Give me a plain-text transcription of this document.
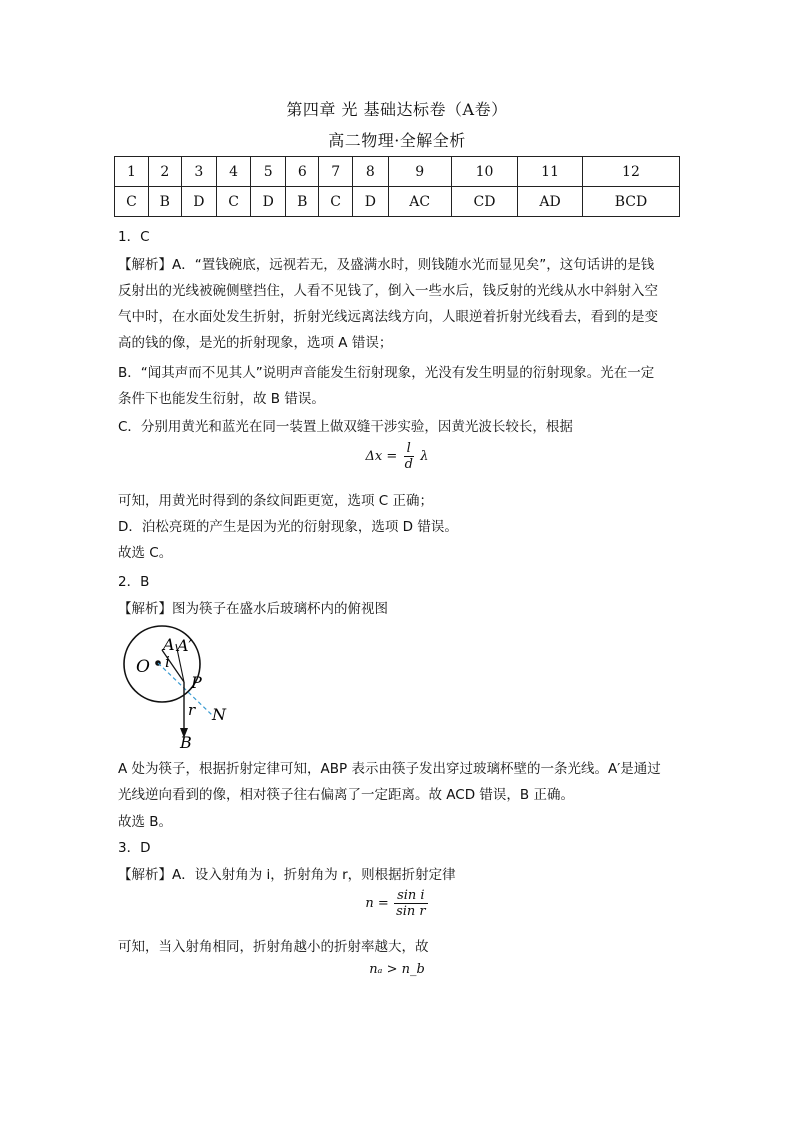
第四章 光 基础达标卷（A卷）
高二物理·全解全析
1	2	3	4	5	6	7	8	9	10	11	12
C	B	D	C	D	B	C	D	AC	CD	AD	BCD
1．C
【解析】A．“置钱碗底，远视若无，及盛满水时，则钱随水光而显见矣”，这句话讲的是钱
反射出的光线被碗侧壁挡住，人看不见钱了，倒入一些水后，钱反射的光线从水中斜射入空
气中时，在水面处发生折射，折射光线远离法线方向，人眼逆着折射光线看去，看到的是变
高的钱的像，是光的折射现象，选项 A 错误；
B．“闻其声而不见其人”说明声音能发生衍射现象，光没有发生明显的衍射现象。光在一定
条件下也能发生衍射，故 B 错误。
C．分别用黄光和蓝光在同一装置上做双缝干涉实验，因黄光波长较长，根据
$\Delta x = \frac{l}{d}$ λ
可知，用黄光时得到的条纹间距更宽，选项 C 正确；
D．泊松亮斑的产生是因为光的衍射现象，选项 D 错误。
故选 C。
2．B
【解析】图为筷子在盛水后玻璃杯内的俯视图
O
A A′
i
P
r N
B
A 处为筷子，根据折射定律可知，ABP 表示由筷子发出穿过玻璃杯壁的一条光线。A′是通过
光线逆向看到的像，相对筷子往右偏离了一定距离。故 ACD 错误，B 正确。
故选 B。
3．D
【解析】A．设入射角为 i，折射角为 r，则根据折射定律
$n = \frac{\text{sin i}}{\text{sin r}}$
可知，当入射角相同，折射角越小的折射率越大，故
nₐ > n_b
